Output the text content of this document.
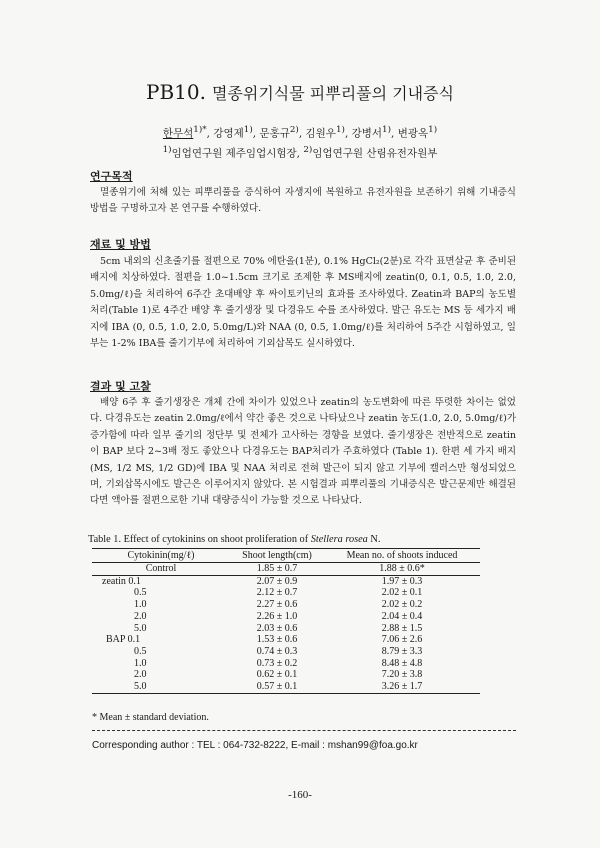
PB10. 멸종위기식물 피뿌리풀의 기내증식
한무석$^{1)*}$, 강영제$^{1)}$, 문홍규$^{2)}$, 김원우$^{1)}$, 강병서$^{1)}$, 변광옥$^{1)}$
$^{1)}$임업연구원 제주임업시험장, $^{2)}$임업연구원 산림유전자원부
연구목적

멸종위기에 처해 있는 피뿌리풀을 증식하여 자생지에 복원하고 유전자원을 보존하기 위해 기내증식 방법을 구명하고자 본 연구를 수행하였다.

재료 및 방법

5cm 내외의 신초줄기를 절편으로 70% 에탄올(1분), 0.1% HgCl₂(2분)로 각각 표면살균 후 준비된 배지에 치상하였다. 절편을 1.0~1.5cm 크기로 조제한 후 MS배지에 zeatin(0, 0.1, 0.5, 1.0, 2.0, 5.0mg/ℓ)을 처리하여 6주간 초대배양 후 싸이토키닌의 효과를 조사하였다. Zeatin과 BAP의 농도별 처리(Table 1)로 4주간 배양 후 줄기생장 및 다경유도 수를 조사하였다. 발근 유도는 MS 등 세가지 배지에 IBA (0, 0.5, 1.0, 2.0, 5.0mg/L)와 NAA (0, 0.5, 1.0mg/ℓ)를 처리하여 5주간 시험하였고, 일부는 1-2% IBA를 줄기기부에 처리하여 기외삽목도 실시하였다.

결과 및 고찰

배양 6주 후 줄기생장은 개체 간에 차이가 있었으나 zeatin의 농도변화에 따른 뚜렷한 차이는 없었다. 다경유도는 zeatin 2.0mg/ℓ에서 약간 좋은 것으로 나타났으나 zeatin 농도(1.0, 2.0, 5.0mg/ℓ)가 증가함에 따라 일부 줄기의 정단부 및 전체가 고사하는 경향을 보였다. 줄기생장은 전반적으로 zeatin이 BAP 보다 2~3배 정도 좋았으나 다경유도는 BAP처리가 주효하였다 (Table 1). 한편 세 가지 배지(MS, 1/2 MS, 1/2 GD)에 IBA 및 NAA 처리로 전혀 발근이 되지 않고 기부에 캘러스만 형성되었으며, 기외삽목시에도 발근은 이루어지지 않았다. 본 시험결과 피뿌리풀의 기내증식은 발근문제만 해결된다면 액아를 절편으로한 기내 대량증식이 가능할 것으로 나타났다.

Table 1. Effect of cytokinins on shoot proliferation of Stellera rosea N.
Cytokinin(mg/ℓ)	Shoot length(cm)	Mean no. of shoots induced
Control	1.85 ± 0.7	1.88 ± 0.6*
zeatin 0.1	2.07 ± 0.9	1.97 ± 0.3
0.5	2.12 ± 0.7	2.02 ± 0.1
1.0	2.27 ± 0.6	2.02 ± 0.2
2.0	2.26 ± 1.0	2.04 ± 0.4
5.0	2.03 ± 0.6	2.88 ± 1.5
BAP 0.1	1.53 ± 0.6	7.06 ± 2.6
0.5	0.74 ± 0.3	8.79 ± 3.3
1.0	0.73 ± 0.2	8.48 ± 4.8
2.0	0.62 ± 0.1	7.20 ± 3.8
5.0	0.57 ± 0.1	3.26 ± 1.7
* Mean ± standard deviation.
Corresponding author : TEL : 064-732-8222, E-mail : mshan99@foa.go.kr
-160-
